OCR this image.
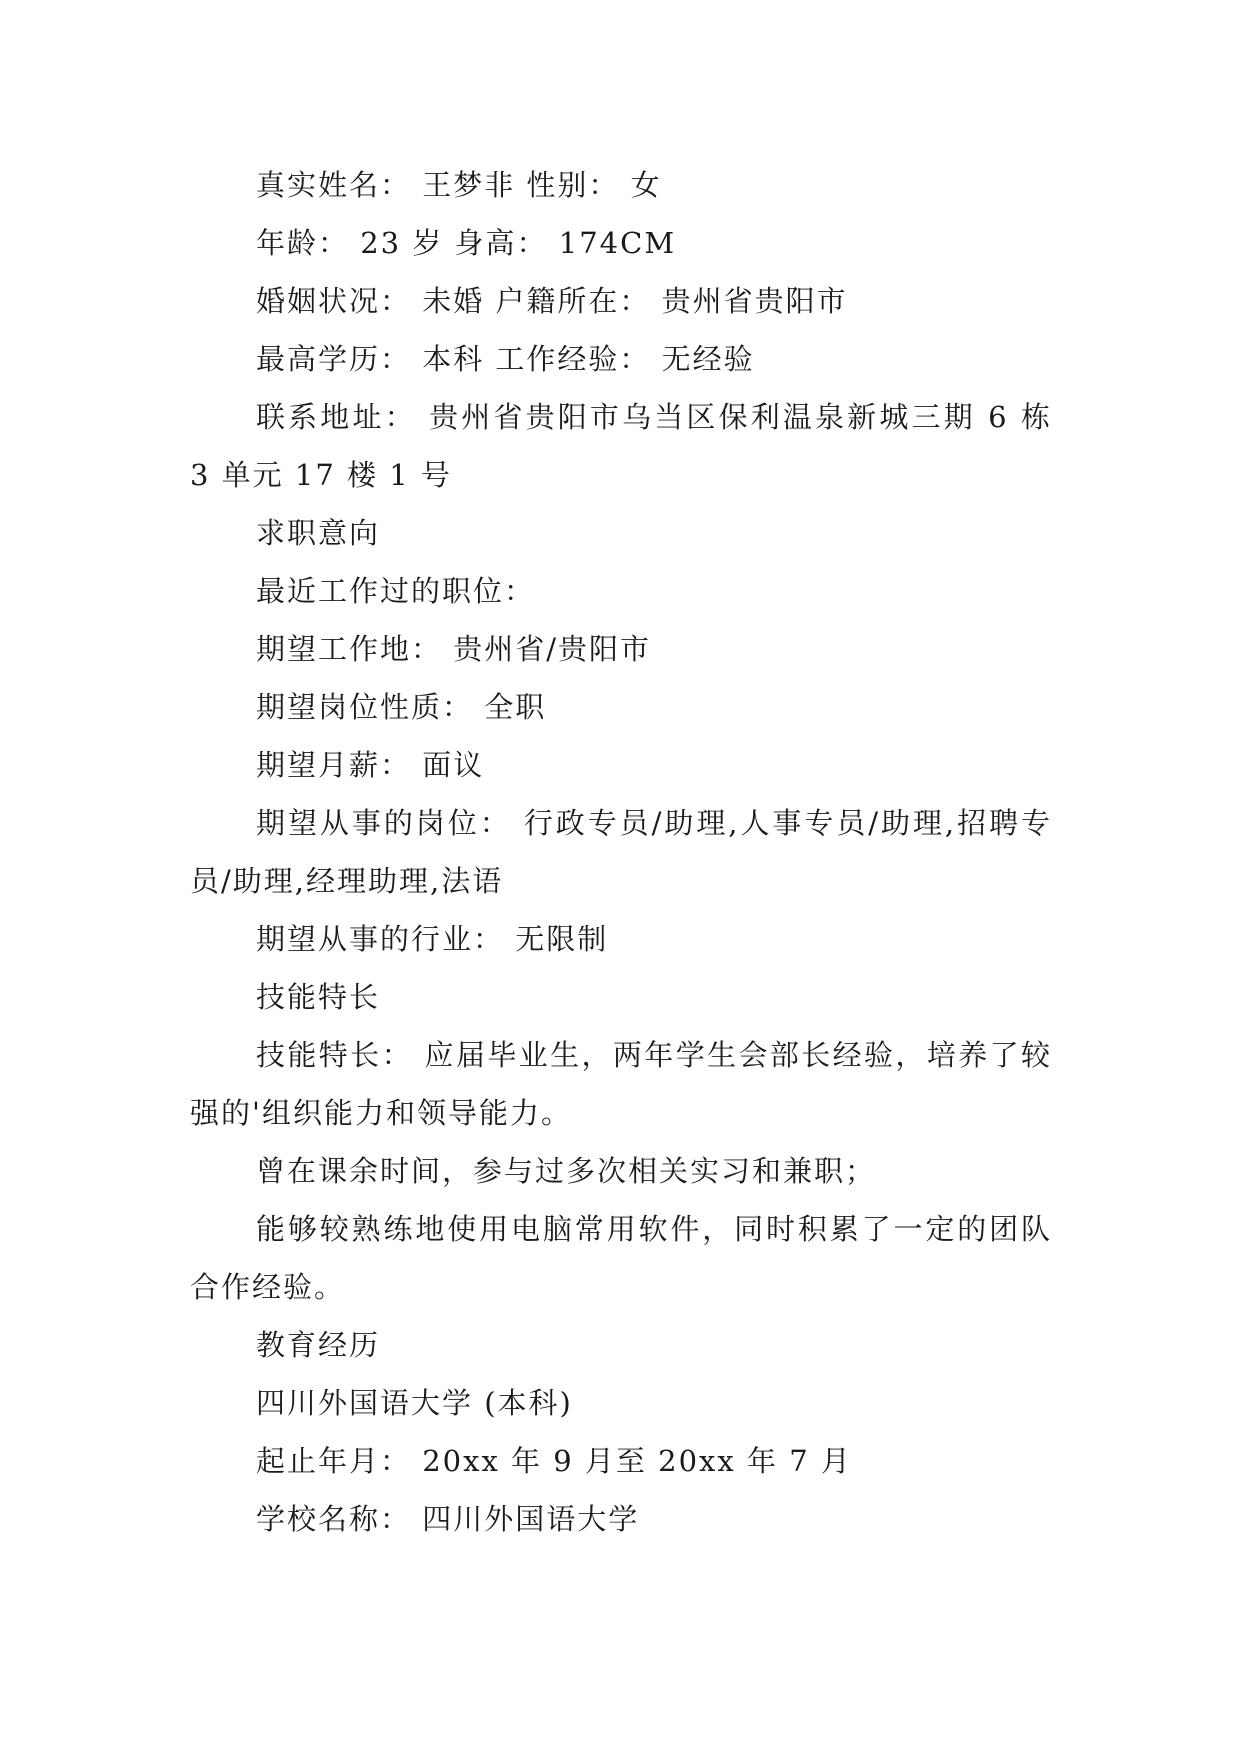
真实姓名： 王梦非 性别： 女

年龄： 23 岁 身高： 174CM

婚姻状况： 未婚 户籍所在： 贵州省贵阳市

最高学历： 本科 工作经验： 无经验

联系地址： 贵州省贵阳市乌当区保利温泉新城三期 6 栋 3 单元 17 楼 1 号

求职意向

最近工作过的职位：

期望工作地： 贵州省/贵阳市

期望岗位性质： 全职

期望月薪： 面议

期望从事的岗位： 行政专员/助理,人事专员/助理,招聘专员/助理,经理助理,法语

期望从事的行业： 无限制

技能特长

技能特长： 应届毕业生，两年学生会部长经验，培养了较强的'组织能力和领导能力。

曾在课余时间，参与过多次相关实习和兼职；

能够较熟练地使用电脑常用软件，同时积累了一定的团队合作经验。

教育经历

四川外国语大学 (本科)

起止年月： 20xx 年 9 月至 20xx 年 7 月

学校名称： 四川外国语大学
